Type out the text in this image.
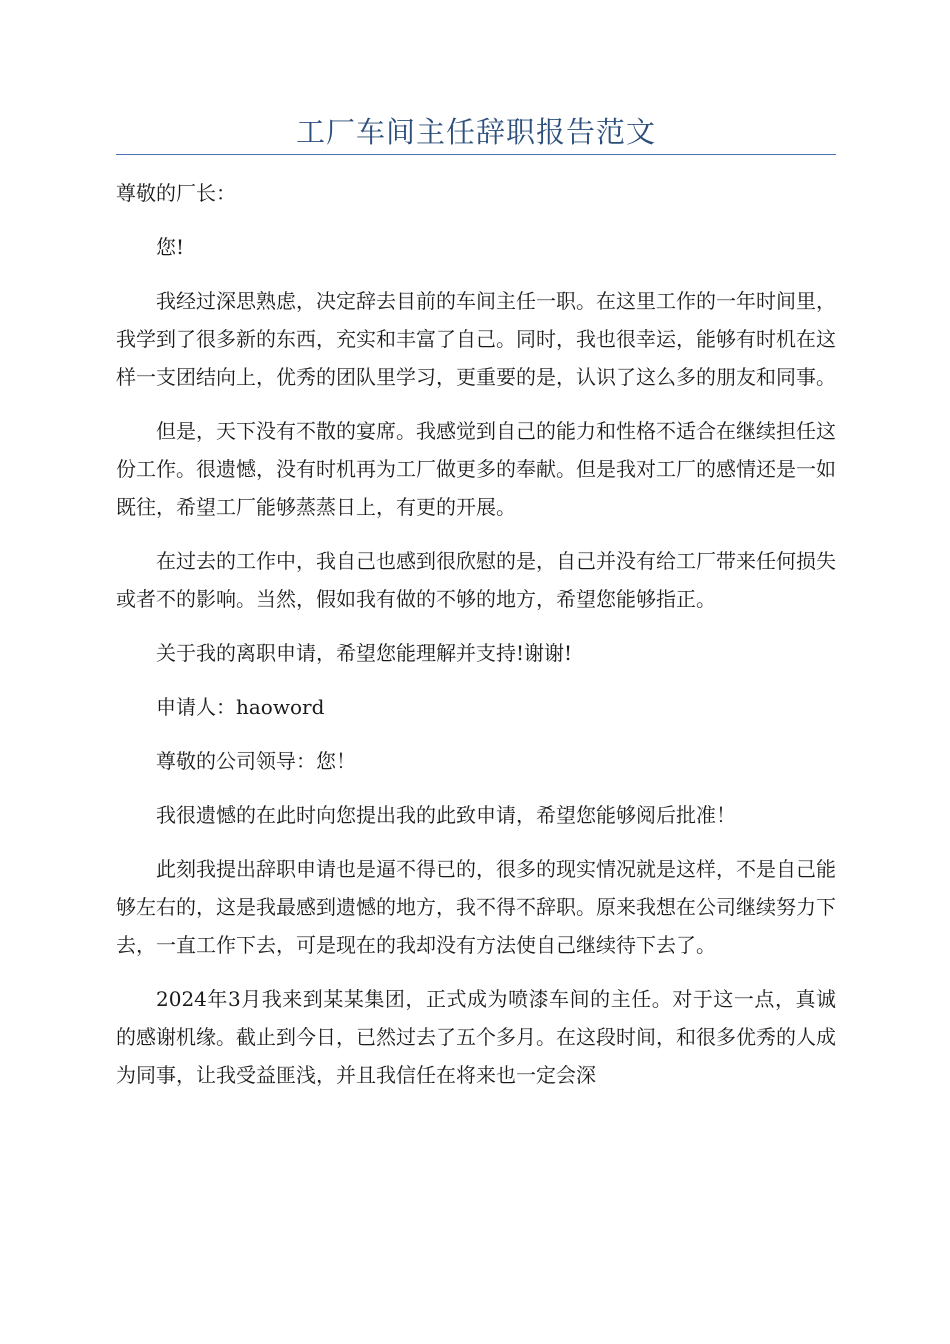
工厂车间主任辞职报告范文

尊敬的厂长：

您!

我经过深思熟虑，决定辞去目前的车间主任一职。在这里工作的一年时间里，我学到了很多新的东西，充实和丰富了自己。同时，我也很幸运，能够有时机在这样一支团结向上，优秀的团队里学习，更重要的是，认识了这么多的朋友和同事。

但是，天下没有不散的宴席。我感觉到自己的能力和性格不适合在继续担任这份工作。很遗憾，没有时机再为工厂做更多的奉献。但是我对工厂的感情还是一如既往，希望工厂能够蒸蒸日上，有更的开展。

在过去的工作中，我自己也感到很欣慰的是，自己并没有给工厂带来任何损失或者不的影响。当然，假如我有做的不够的地方，希望您能够指正。

关于我的离职申请，希望您能理解并支持!谢谢!

申请人：haoword

尊敬的公司领导：您！

我很遗憾的在此时向您提出我的此致申请，希望您能够阅后批准！

此刻我提出辞职申请也是逼不得已的，很多的现实情况就是这样，不是自己能够左右的，这是我最感到遗憾的地方，我不得不辞职。原来我想在公司继续努力下去，一直工作下去，可是现在的我却没有方法使自己继续待下去了。

2024年3月我来到某某集团，正式成为喷漆车间的主任。对于这一点，真诚的感谢机缘。截止到今日，已然过去了五个多月。在这段时间，和很多优秀的人成为同事，让我受益匪浅，并且我信任在将来也一定会深
